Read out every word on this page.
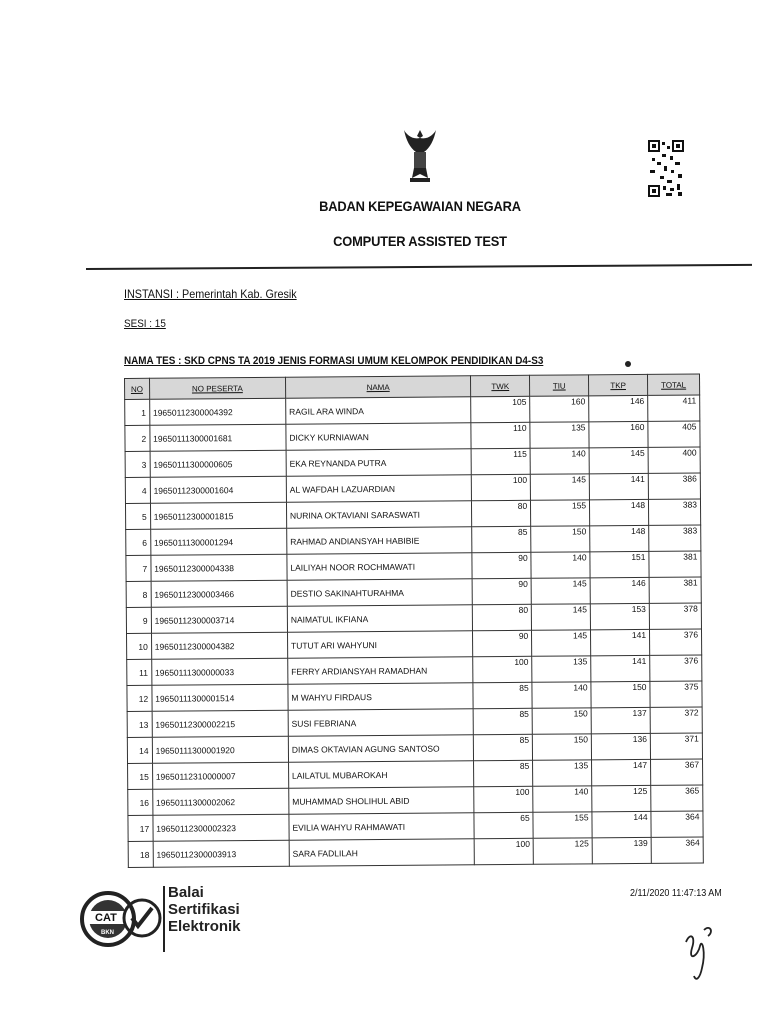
BADAN KEPEGAWAIAN NEGARA
COMPUTER ASSISTED TEST
INSTANSI : Pemerintah Kab. Gresik
SESI : 15
NAMA TES : SKD CPNS TA 2019 JENIS FORMASI UMUM KELOMPOK PENDIDIKAN D4-S3
NO	NO PESERTA	NAMA	TWK	TIU	TKP	TOTAL
1	19650112300004392	RAGIL ARA WINDA	105	160	146	411
2	19650111300001681	DICKY KURNIAWAN	110	135	160	405
3	19650111300000605	EKA REYNANDA PUTRA	115	140	145	400
4	19650112300001604	AL WAFDAH LAZUARDIAN	100	145	141	386
5	19650112300001815	NURINA OKTAVIANI SARASWATI	80	155	148	383
6	19650111300001294	RAHMAD ANDIANSYAH HABIBIE	85	150	148	383
7	19650112300004338	LAILIYAH NOOR ROCHMAWATI	90	140	151	381
8	19650112300003466	DESTIO SAKINAHTURAHMA	90	145	146	381
9	19650112300003714	NAIMATUL IKFIANA	80	145	153	378
10	19650112300004382	TUTUT ARI WAHYUNI	90	145	141	376
11	19650111300000033	FERRY ARDIANSYAH RAMADHAN	100	135	141	376
12	19650111300001514	M WAHYU FIRDAUS	85	140	150	375
13	19650112300002215	SUSI FEBRIANA	85	150	137	372
14	19650111300001920	DIMAS OKTAVIAN AGUNG SANTOSO	85	150	136	371
15	19650112310000007	LAILATUL MUBAROKAH	85	135	147	367
16	19650111300002062	MUHAMMAD SHOLIHUL ABID	100	140	125	365
17	19650112300002323	EVILIA WAHYU RAHMAWATI	65	155	144	364
18	19650112300003913	SARA FADLILAH	100	125	139	364
CAT
BKN
Balai
Sertifikasi
Elektronik
2/11/2020 11:47:13 AM
